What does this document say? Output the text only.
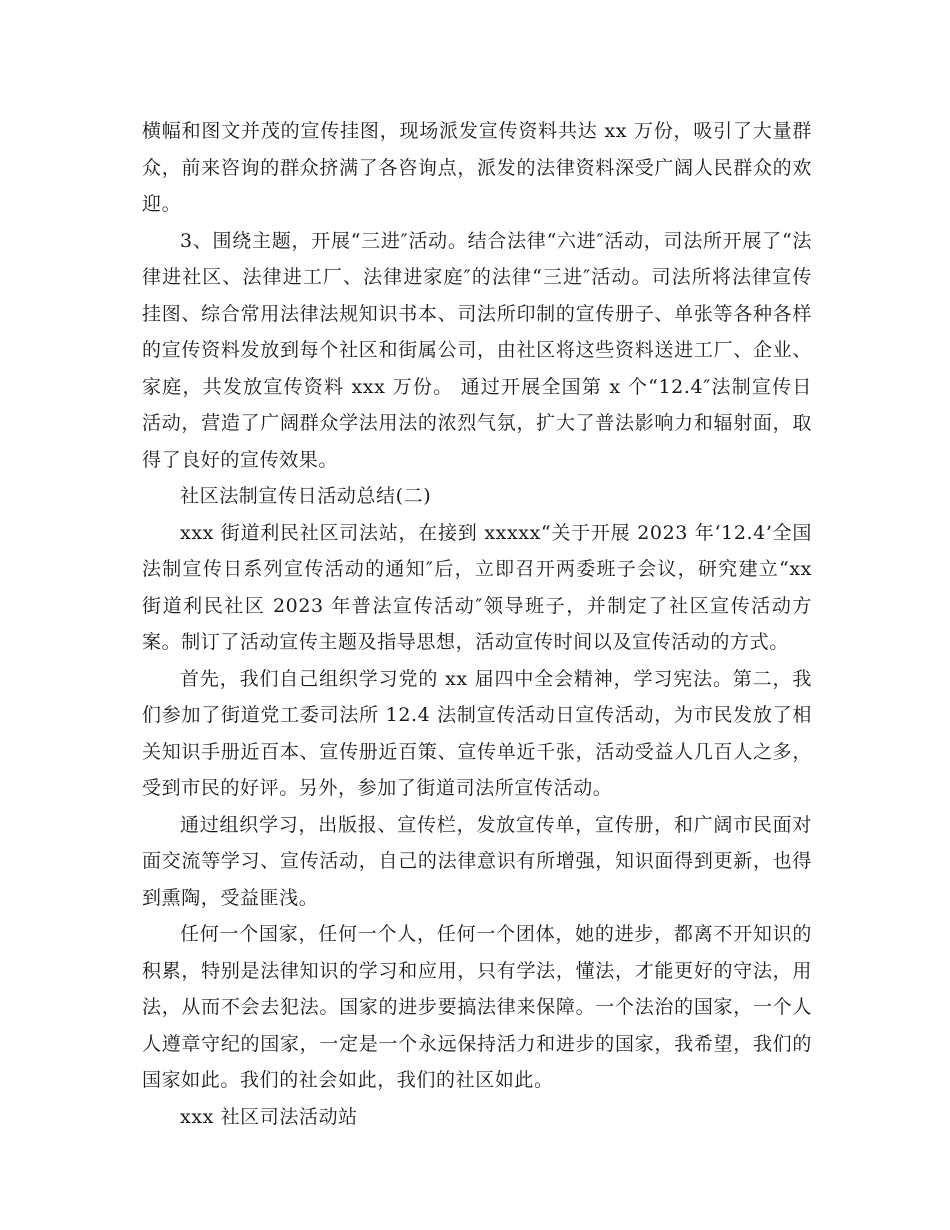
横幅和图文并茂的宣传挂图，现场派发宣传资料共达 xx 万份，吸引了大量群众，前来咨询的群众挤满了各咨询点，派发的法律资料深受广阔人民群众的欢迎。

3、围绕主题，开展“三进″活动。结合法律“六进″活动，司法所开展了“法律进社区、法律进工厂、法律进家庭″的法律“三进″活动。司法所将法律宣传挂图、综合常用法律法规知识书本、司法所印制的宣传册子、单张等各种各样的宣传资料发放到每个社区和街属公司，由社区将这些资料送进工厂、企业、家庭，共发放宣传资料 xxx 万份。 通过开展全国第 x 个“12.4″法制宣传日活动，营造了广阔群众学法用法的浓烈气氛，扩大了普法影响力和辐射面，取得了良好的宣传效果。

社区法制宣传日活动总结(二)

xxx 街道利民社区司法站，在接到 xxxxx“关于开展 2023 年‘12.4’全国法制宣传日系列宣传活动的通知″后，立即召开两委班子会议，研究建立“xx 街道利民社区 2023 年普法宣传活动″领导班子，并制定了社区宣传活动方案。制订了活动宣传主题及指导思想，活动宣传时间以及宣传活动的方式。

首先，我们自己组织学习党的 xx 届四中全会精神，学习宪法。第二，我们参加了街道党工委司法所 12.4 法制宣传活动日宣传活动，为市民发放了相关知识手册近百本、宣传册近百策、宣传单近千张，活动受益人几百人之多，受到市民的好评。另外，参加了街道司法所宣传活动。

通过组织学习，出版报、宣传栏，发放宣传单，宣传册，和广阔市民面对面交流等学习、宣传活动，自己的法律意识有所增强，知识面得到更新，也得到熏陶，受益匪浅。

任何一个国家，任何一个人，任何一个团体，她的进步，都离不开知识的积累，特别是法律知识的学习和应用，只有学法，懂法，才能更好的守法，用法，从而不会去犯法。国家的进步要搞法律来保障。一个法治的国家，一个人人遵章守纪的国家，一定是一个永远保持活力和进步的国家，我希望，我们的国家如此。我们的社会如此，我们的社区如此。

xxx 社区司法活动站
